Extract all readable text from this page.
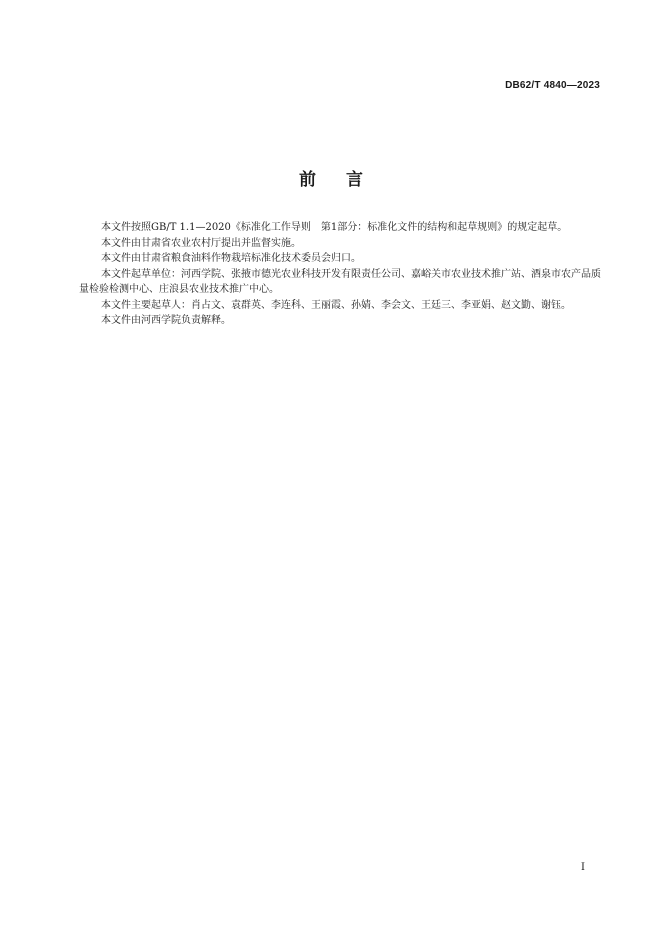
DB62/T 4840—2023
前言

本文件按照GB/T 1.1—2020《标准化工作导则　第1部分：标准化文件的结构和起草规则》的规定起草。

本文件由甘肃省农业农村厅提出并监督实施。

本文件由甘肃省粮食油料作物栽培标准化技术委员会归口。

本文件起草单位：河西学院、张掖市德光农业科技开发有限责任公司、嘉峪关市农业技术推广站、酒泉市农产品质量检验检测中心、庄浪县农业技术推广中心。

本文件主要起草人：肖占文、袁群英、李连科、王丽霞、孙婧、李会文、王廷三、李亚娟、赵文勤、谢钰。

本文件由河西学院负责解释。

I
